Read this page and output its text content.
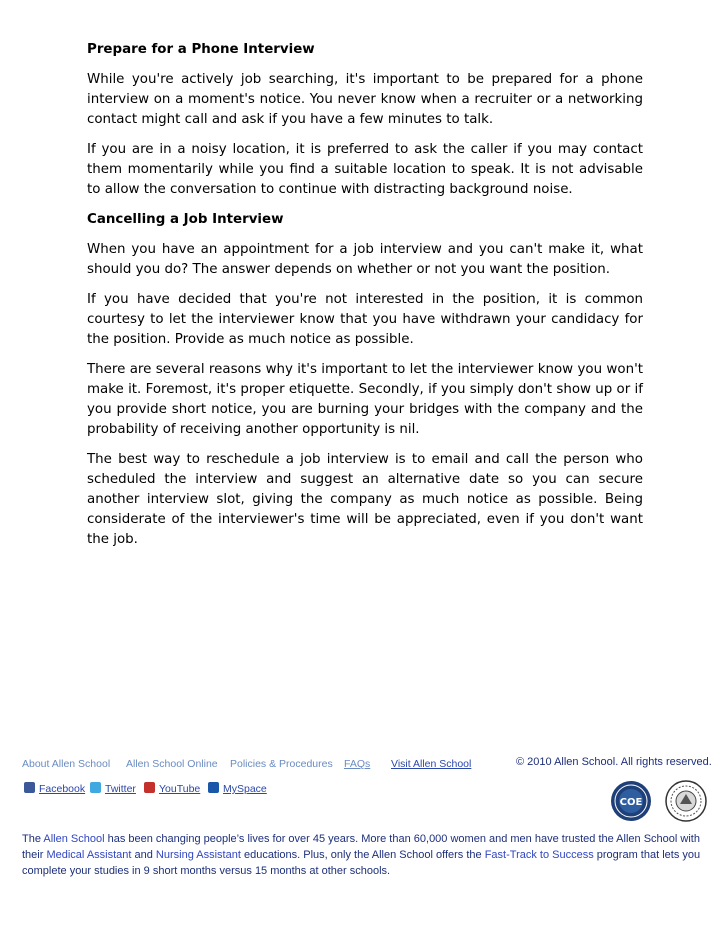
Prepare for a Phone Interview

While you're actively job searching, it's important to be prepared for a phone interview on a moment's notice. You never know when a recruiter or a networking contact might call and ask if you have a few minutes to talk.

If you are in a noisy location, it is preferred to ask the caller if you may contact them momentarily while you find a suitable location to speak. It is not advisable to allow the conversation to continue with distracting background noise.

Cancelling a Job Interview

When you have an appointment for a job interview and you can't make it, what should you do? The answer depends on whether or not you want the position.

If you have decided that you're not interested in the position, it is common courtesy to let the interviewer know that you have withdrawn your candidacy for the position. Provide as much notice as possible.

There are several reasons why it's important to let the interviewer know you won't make it. Foremost, it's proper etiquette. Secondly, if you simply don't show up or if you provide short notice, you are burning your bridges with the company and the probability of receiving another opportunity is nil.

The best way to reschedule a job interview is to email and call the person who scheduled the interview and suggest an alternative date so you can secure another interview slot, giving the company as much notice as possible. Being considerate of the interviewer's time will be appreciated, even if you don't want the job.

About Allen School Allen School Online Policies & Procedures FAQs Visit Allen School	© 2010 Allen School. All rights reserved.
Facebook	Twitter	YouTube	MySpace
COE
The Allen School has been changing people’s lives for over 45 years. More than 60,000 women and men have trusted the Allen School with their Medical Assistant and Nursing Assistant educations. Plus, only the Allen School offers the Fast-Track to Success program that lets you complete your studies in 9 short months versus 15 months at other schools.
